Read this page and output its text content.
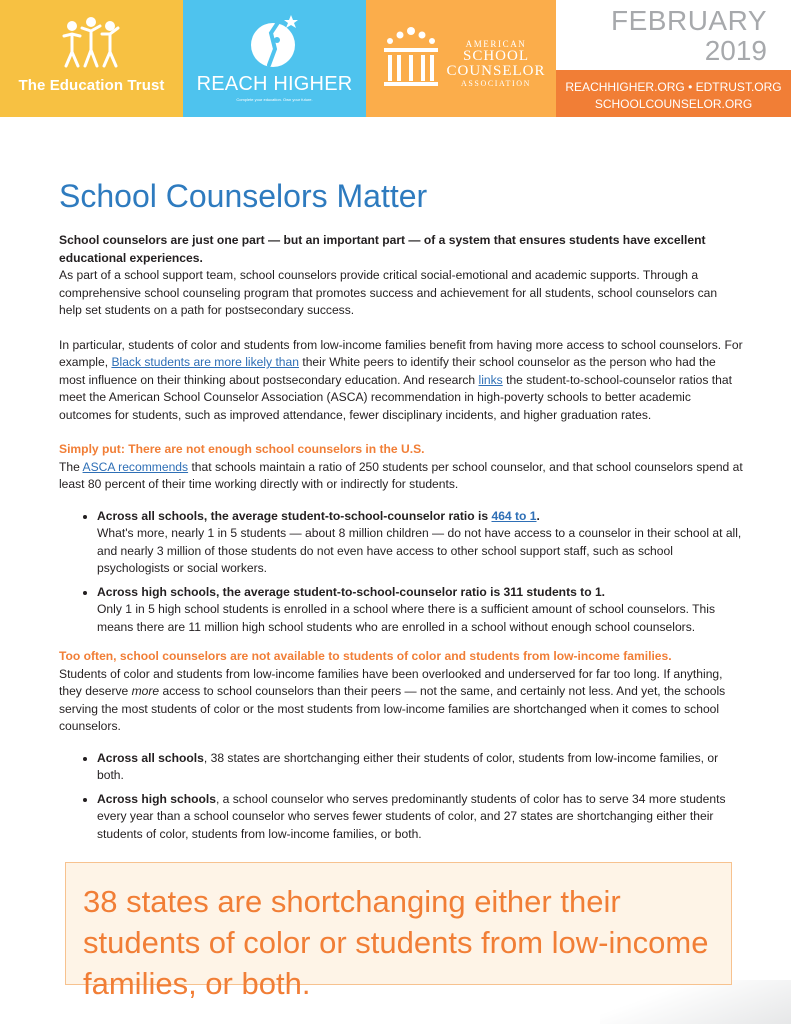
The Education Trust	REACH HIGHER
Complete your education. Own your future.
AMERICAN
SCHOOL
COUNSELOR
ASSOCIATION
FEBRUARY
2019
REACHHIGHER.ORG • EDTRUST.ORG
SCHOOLCOUNSELOR.ORG
School Counselors Matter

School counselors are just one part — but an important part — of a system that ensures students have excellent educational experiences.

As part of a school support team, school counselors provide critical social-emotional and academic supports. Through a comprehensive school counseling program that promotes success and achievement for all students, school counselors can help set students on a path for postsecondary success.

In particular, students of color and students from low-income families benefit from having more access to school counselors. For example, Black students are more likely than their White peers to identify their school counselor as the person who had the most influence on their thinking about postsecondary education. And research links the student-to-school-counselor ratios that meet the American School Counselor Association (ASCA) recommendation in high-poverty schools to better academic outcomes for students, such as improved attendance, fewer disciplinary incidents, and higher graduation rates.

Simply put: There are not enough school counselors in the U.S.

The ASCA recommends that schools maintain a ratio of 250 students per school counselor, and that school counselors spend at least 80 percent of their time working directly with or indirectly for students.

• Across all schools, the average student-to-school-counselor ratio is 464 to 1.
What's more, nearly 1 in 5 students — about 8 million children — do not have access to a counselor in their school at all, and nearly 3 million of those students do not even have access to other school support staff, such as school psychologists or social workers.
• Across high schools, the average student-to-school-counselor ratio is 311 students to 1.
Only 1 in 5 high school students is enrolled in a school where there is a sufficient amount of school counselors. This means there are 11 million high school students who are enrolled in a school without enough school counselors.

Too often, school counselors are not available to students of color and students from low-income families.

Students of color and students from low-income families have been overlooked and underserved for far too long. If anything, they deserve more access to school counselors than their peers — not the same, and certainly not less. And yet, the schools serving the most students of color or the most students from low-income families are shortchanged when it comes to school counselors.

• Across all schools, 38 states are shortchanging either their students of color, students from low-income families, or both.
• Across high schools, a school counselor who serves predominantly students of color has to serve 34 more students every year than a school counselor who serves fewer students of color, and 27 states are shortchanging either their students of color, students from low-income families, or both.
38 states are shortchanging either their students of color or students from low-income families, or both.
